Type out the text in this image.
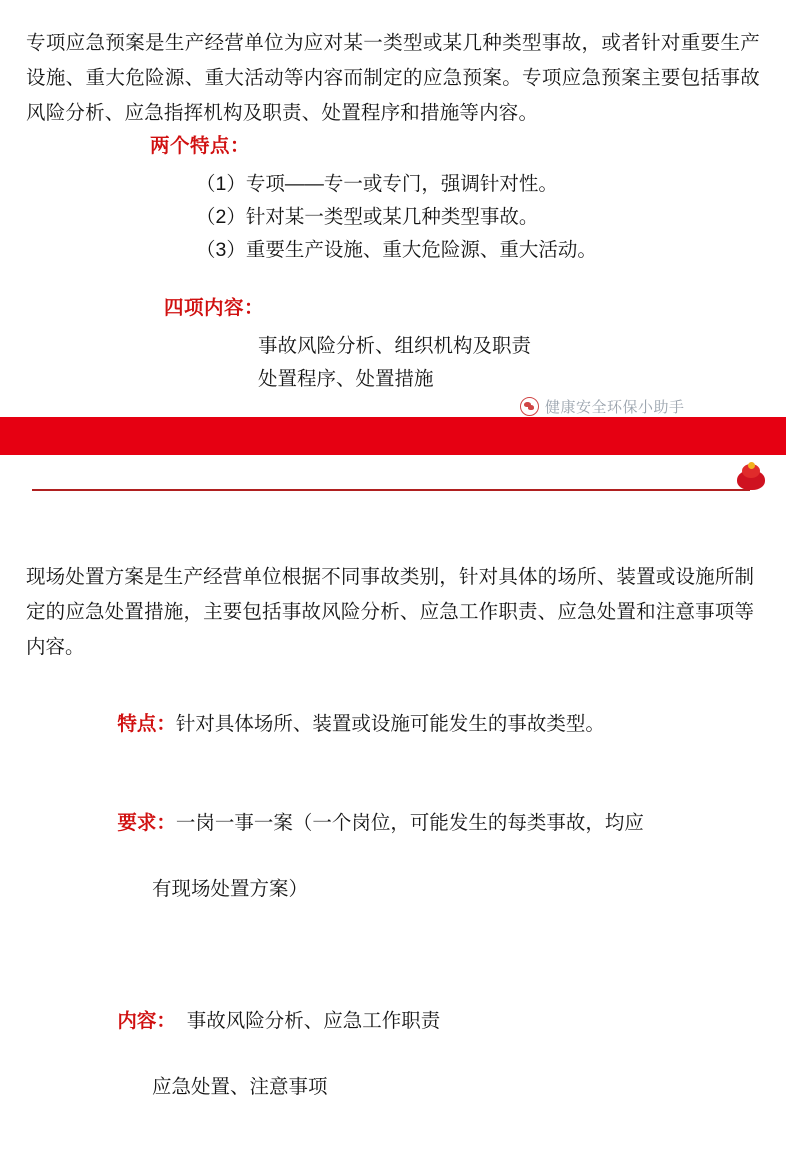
专项应急预案是生产经营单位为应对某一类型或某几种类型事故，或者针对重要生产设施、重大危险源、重大活动等内容而制定的应急预案。专项应急预案主要包括事故风险分析、应急指挥机构及职责、处置程序和措施等内容。

两个特点：
（1）专项——专一或专门，强调针对性。
（2）针对某一类型或某几种类型事故。
（3）重要生产设施、重大危险源、重大活动。
四项内容：
事故风险分析、组织机构及职责
处置程序、处置措施
健康安全环保小助手

现场处置方案是生产经营单位根据不同事故类别，针对具体的场所、装置或设施所制定的应急处置措施，主要包括事故风险分析、应急工作职责、应急处置和注意事项等内容。

特点：针对具体场所、装置或设施可能发生的事故类型。

要求：一岗一事一案（一个岗位，可能发生的每类事故，均应

有现场处置方案）

内容：  事故风险分析、应急工作职责

应急处置、注意事项
